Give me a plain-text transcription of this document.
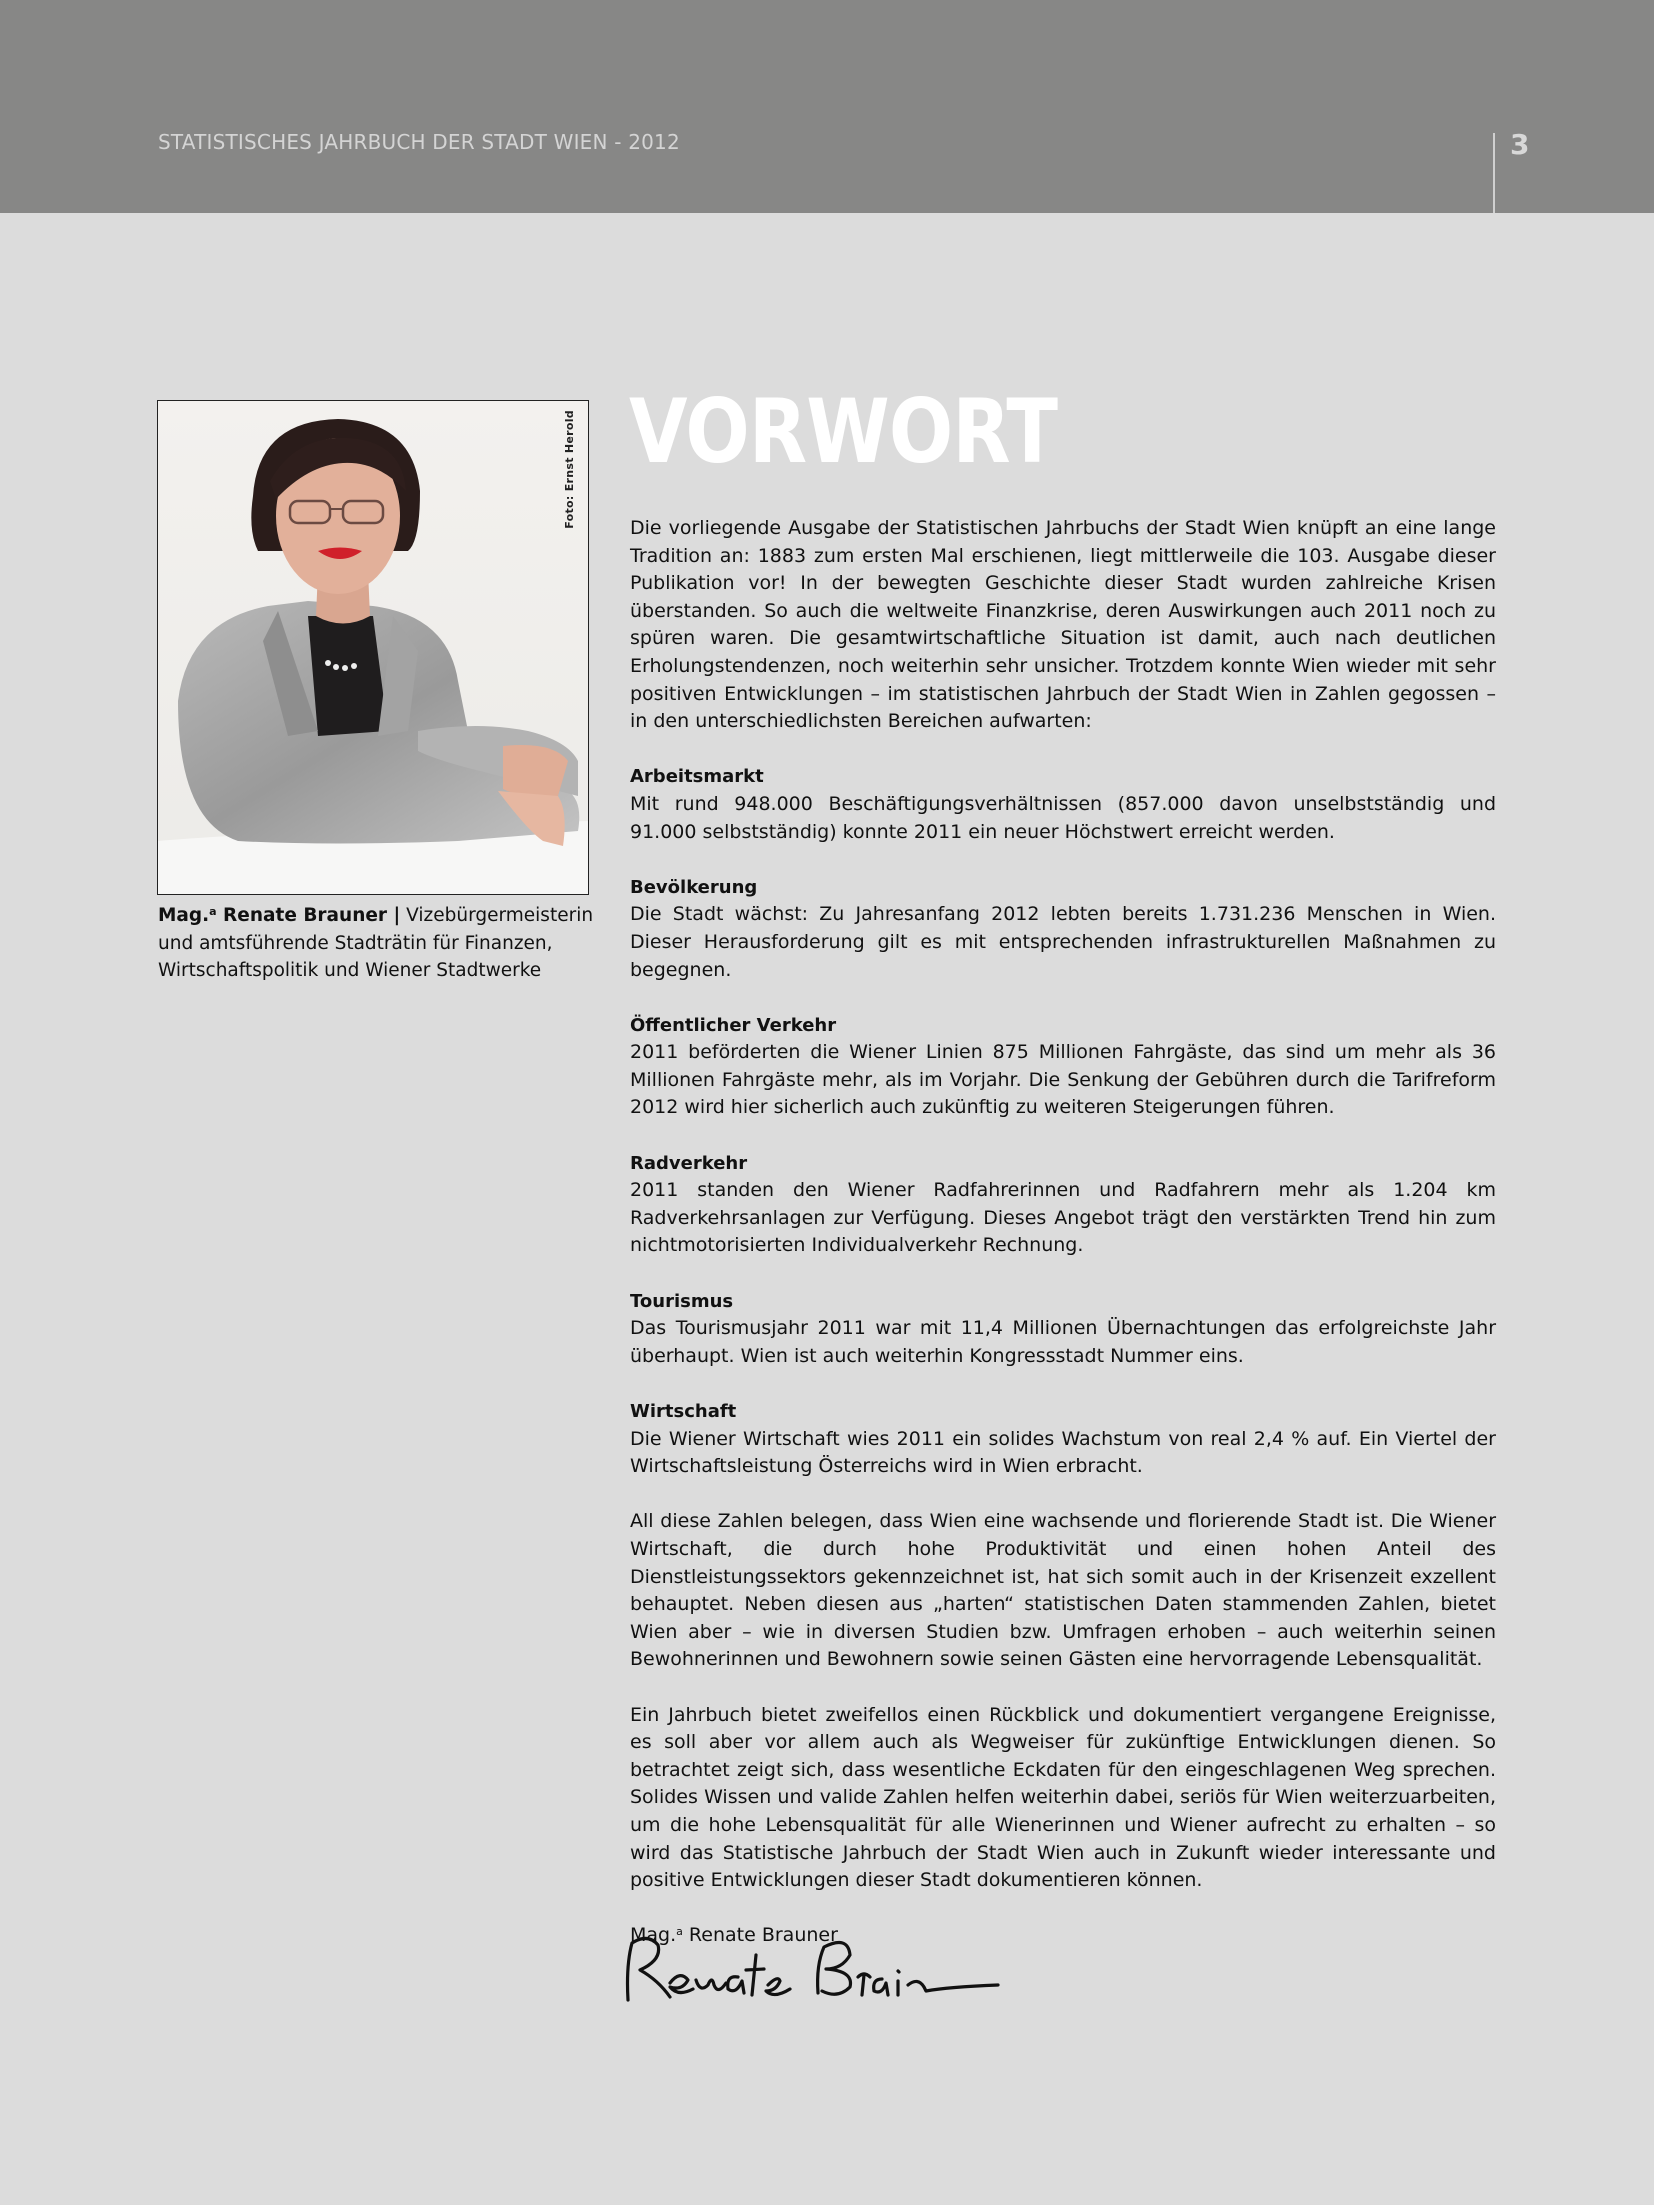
STATISTISCHES JAHRBUCH DER STADT WIEN - 2012	3
Foto: Ernst Herold
Mag.$^a$ Renate Brauner | Vizebürgermeisterin und amtsführende Stadträtin für Finanzen, Wirtschaftspolitik und Wiener Stadtwerke
VORWORT

Die vorliegende Ausgabe der Statistischen Jahrbuchs der Stadt Wien knüpft an eine lange Tradition an: 1883 zum ersten Mal erschienen, liegt mittlerweile die 103. Ausgabe dieser Publikation vor! In der bewegten Geschichte dieser Stadt wurden zahlreiche Krisen überstanden. So auch die weltweite Finanzkrise, deren Auswirkungen auch 2011 noch zu spüren waren. Die gesamtwirtschaftliche Situation ist damit, auch nach deutlichen Erholungstendenzen, noch weiterhin sehr unsicher. Trotzdem konnte Wien wieder mit sehr positiven Entwicklungen – im statistischen Jahrbuch der Stadt Wien in Zahlen gegossen – in den unterschiedlichsten Bereichen aufwarten:

Arbeitsmarkt

Mit rund 948.000 Beschäftigungsverhältnissen (857.000 davon unselbstständig und 91.000 selbstständig) konnte 2011 ein neuer Höchstwert erreicht werden.

Bevölkerung

Die Stadt wächst: Zu Jahresanfang 2012 lebten bereits 1.731.236 Menschen in Wien. Dieser Herausforderung gilt es mit entsprechenden infrastrukturellen Maßnahmen zu begegnen.

Öffentlicher Verkehr

2011 beförderten die Wiener Linien 875 Millionen Fahrgäste, das sind um mehr als 36 Millionen Fahrgäste mehr, als im Vorjahr. Die Senkung der Gebühren durch die Tarifreform 2012 wird hier sicherlich auch zukünftig zu weiteren Steigerungen führen.

Radverkehr

2011 standen den Wiener Radfahrerinnen und Radfahrern mehr als 1.204 km Radverkehrsanlagen zur Verfügung. Dieses Angebot trägt den verstärkten Trend hin zum nichtmotorisierten Individualverkehr Rechnung.

Tourismus

Das Tourismusjahr 2011 war mit 11,4 Millionen Übernachtungen das erfolgreichste Jahr überhaupt. Wien ist auch weiterhin Kongressstadt Nummer eins.

Wirtschaft

Die Wiener Wirtschaft wies 2011 ein solides Wachstum von real 2,4 % auf. Ein Viertel der Wirtschaftsleistung Österreichs wird in Wien erbracht.

All diese Zahlen belegen, dass Wien eine wachsende und florierende Stadt ist. Die Wiener Wirtschaft, die durch hohe Produktivität und einen hohen Anteil des Dienstleistungssektors gekennzeichnet ist, hat sich somit auch in der Krisenzeit exzellent behauptet. Neben diesen aus „harten“ statistischen Daten stammenden Zahlen, bietet Wien aber – wie in diversen Studien bzw. Umfragen erhoben – auch weiterhin seinen Bewohnerinnen und Bewohnern sowie seinen Gästen eine hervorragende Lebensqualität.

Ein Jahrbuch bietet zweifellos einen Rückblick und dokumentiert vergangene Ereignisse, es soll aber vor allem auch als Wegweiser für zukünftige Entwicklungen dienen. So betrachtet zeigt sich, dass wesentliche Eckdaten für den eingeschlagenen Weg sprechen. Solides Wissen und valide Zahlen helfen weiterhin dabei, seriös für Wien weiterzuarbeiten, um die hohe Lebensqualität für alle Wienerinnen und Wiener aufrecht zu erhalten – so wird das Statistische Jahrbuch der Stadt Wien auch in Zukunft wieder interessante und positive Entwicklungen dieser Stadt dokumentieren können.

Mag.$^a$ Renate Brauner
